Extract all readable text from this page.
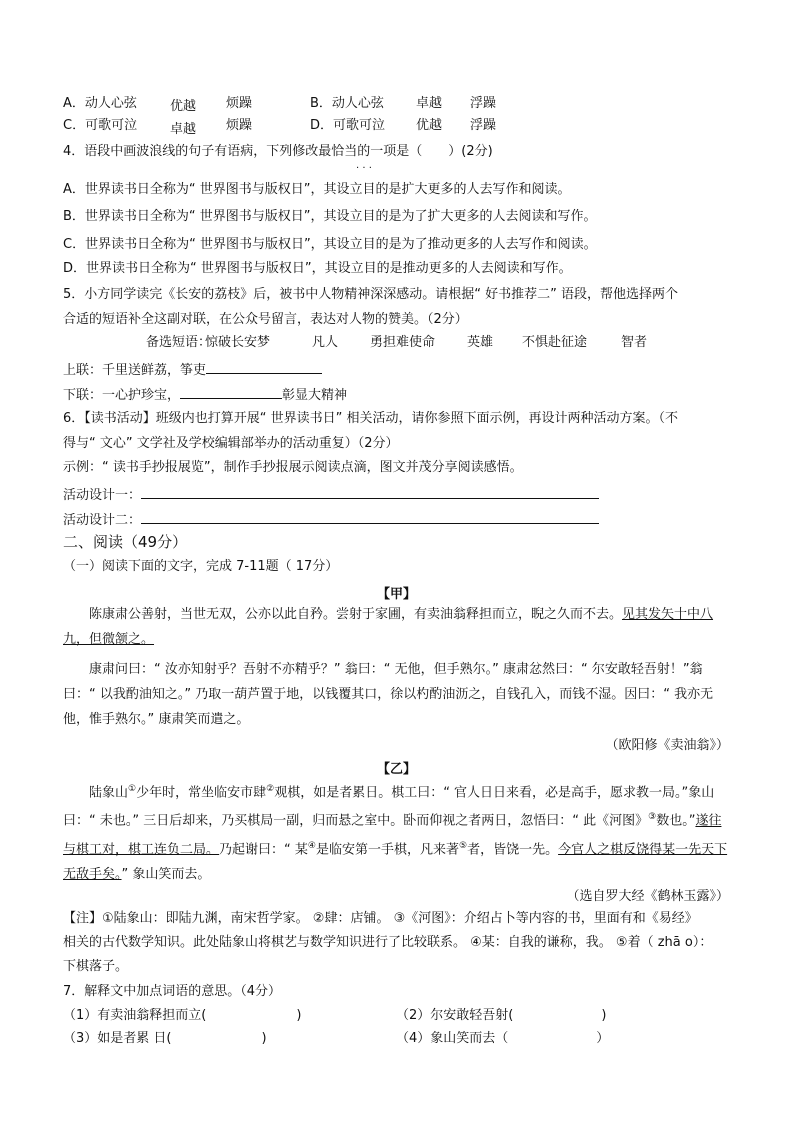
A．动人心弦	优越 烦躁	B．动人心弦 卓越 浮躁
C．可歌可泣	卓越 烦躁	D．可歌可泣 优越 浮躁
4．语段中画波浪线的句子有语病，下列修改最恰当的一项是（　　）(2分)
· · ·
A．世界读书日全称为“ 世界图书与版权日”，其设立目的是扩大更多的人去写作和阅读。
B．世界读书日全称为“ 世界图书与版权日”，其设立目的是为了扩大更多的人去阅读和写作。
C．世界读书日全称为“ 世界图书与版权日”，其设立目的是为了推动更多的人去写作和阅读。
D．世界读书日全称为“ 世界图书与版权日”，其设立目的是推动更多的人去阅读和写作。
5．小方同学读完《长安的荔枝》后，被书中人物精神深深感动。请根据“ 好书推荐二” 语段，帮他选择两个
合适的短语补全这副对联，在公众号留言，表达对人物的赞美。（2分）
备选短语：
惊破长安梦	凡人 勇担难使命 英雄 不惧赴征途	智者
上联：千里送鲜荔，筝吏
下联：一心护珍宝，	彰显大精神
6．【读书活动】班级内也打算开展“ 世界读书日” 相关活动，请你参照下面示例，再设计两种活动方案。（不
得与“ 文心” 文学社及学校编辑部举办的活动重复）（2分）
示例：“ 读书手抄报展览”，制作手抄报展示阅读点滴，图文并茂分享阅读感悟。
活动设计一：
活动设计二：
二、阅读（49分）
（一）阅读下面的文字，完成 7-11题（ 17分）
【甲】
陈康肃公善射，当世无双，公亦以此自矜。尝射于家圃，有卖油翁释担而立，睨之久而不去。见其发矢十中八九，但微颔之。
康肃问曰：“ 汝亦知射乎？吾射不亦精乎？” 翁曰：“ 无他，但手熟尔。” 康肃忿然曰：“ 尔安敢轻吾射！”翁曰：“ 以我酌油知之。” 乃取一葫芦置于地，以钱覆其口，徐以杓酌油沥之，自钱孔入，而钱不湿。因曰：“ 我亦无他，惟手熟尔。” 康肃笑而遣之。
（欧阳修《卖油翁》）
【乙】
陆象山①少年时，常坐临安市肆②观棋，如是者累日。棋工曰：“ 官人日日来看，必是高手，愿求教一局。”象山曰：“ 未也。” 三日后却来，乃买棋局一副，归而悬之室中。卧而仰视之者两日，忽悟曰：“ 此《河图》③数也。”遂往与棋工对，棋工连负二局。乃起谢曰：“ 某④是临安第一手棋，凡来著⑤者，皆饶一先。今官人之棋反饶得某一先天下无敌手矣。” 象山笑而去。
（选自罗大经《鹤林玉露》）
【注】①陆象山：即陆九渊，南宋哲学家。 ②肆：店铺。 ③《河图》：介绍占卜等内容的书，里面有和《易经》
相关的古代数学知识。此处陆象山将棋艺与数学知识进行了比较联系。 ④某：自我的谦称，我。 ⑤着（ zhā o）：
下棋落子。
7．解释文中加点词语的意思。（4分）
（1）有卖油翁释担而立(	)	（2）尔安敢轻吾射(	)
（3）如是者累 日(	)	（4）象山笑而去（	）
